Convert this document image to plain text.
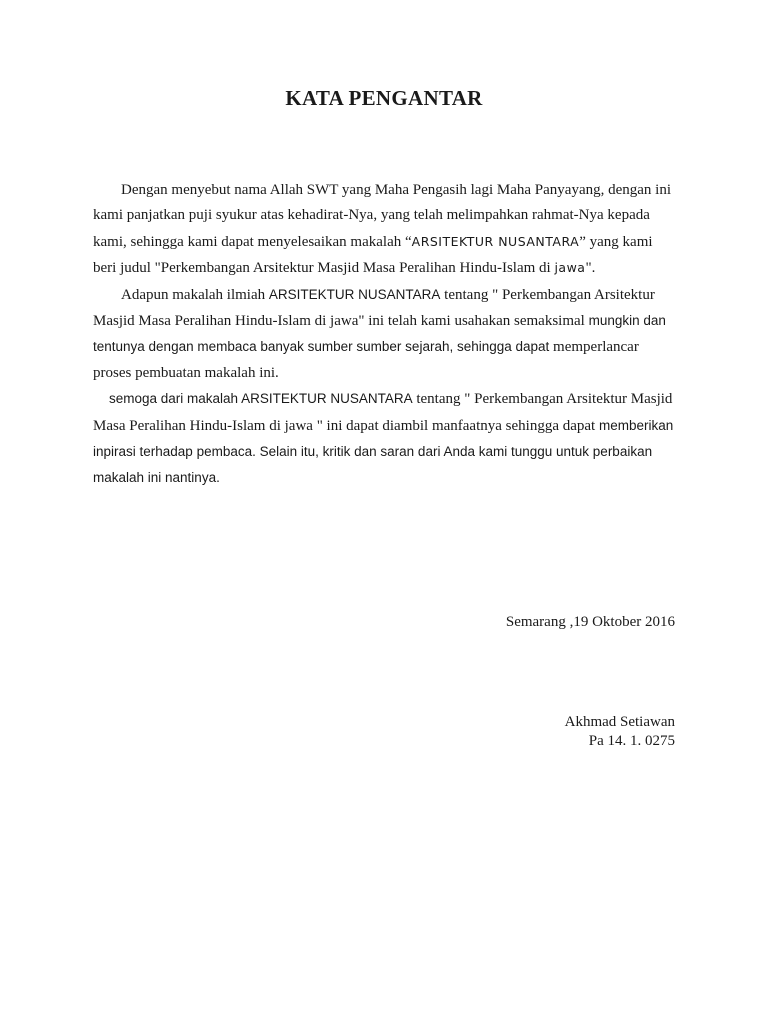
KATA PENGANTAR

Dengan menyebut nama Allah SWT yang Maha Pengasih lagi Maha Panyayang, dengan ini kami panjatkan puji syukur atas kehadirat-Nya, yang telah melimpahkan rahmat-Nya kepada kami, sehingga kami dapat menyelesaikan makalah “ARSITEKTUR NUSANTARA” yang kami beri judul "Perkembangan Arsitektur Masjid Masa Peralihan Hindu-Islam di jawa".

Adapun makalah ilmiah ARSITEKTUR NUSANTARA tentang " Perkembangan Arsitektur Masjid Masa Peralihan Hindu-Islam di jawa" ini telah kami usahakan semaksimal mungkin dan tentunya dengan membaca banyak sumber sumber sejarah, sehingga dapat memperlancar proses pembuatan makalah ini.

semoga dari makalah ARSITEKTUR NUSANTARA tentang " Perkembangan Arsitektur Masjid Masa Peralihan Hindu-Islam di jawa " ini dapat diambil manfaatnya sehingga dapat memberikan inpirasi terhadap pembaca. Selain itu, kritik dan saran dari Anda kami tunggu untuk perbaikan makalah ini nantinya.

Semarang ,19 Oktober 2016

Akhmad Setiawan

Pa 14. 1. 0275
